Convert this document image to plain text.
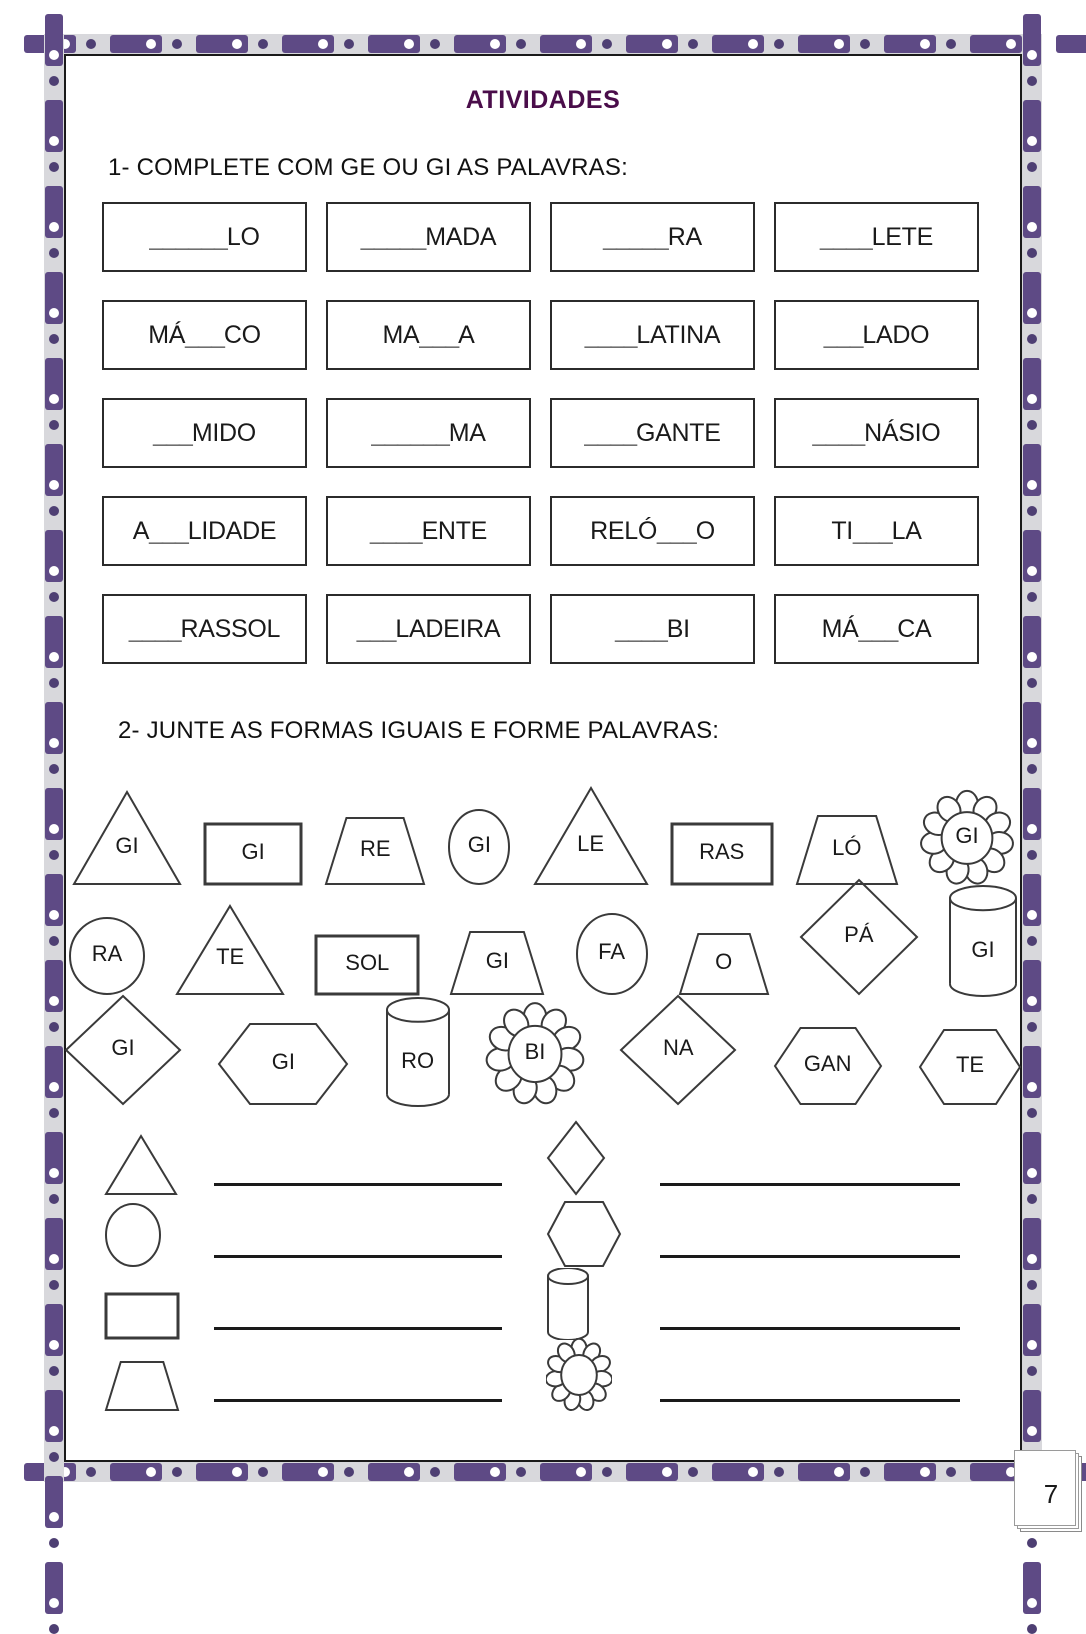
ATIVIDADES
1- COMPLETE COM GE OU GI AS PALAVRAS:
______LO	_____MADA	_____RA	____LETE
MÁ___CO	MA___A	____LATINA	___LADO
___MIDO	______MA	____GANTE	____NÁSIO
A___LIDADE	____ENTE	RELÓ___O	TI___LA
____RASSOL	___LADEIRA	____BI	MÁ___CA
2- JUNTE AS FORMAS IGUAIS E FORME PALAVRAS:
GI	GI	RE	GI	LE	RAS	LÓ	GI
RA	TE	SOL	GI	FA	O
PÁ
GI
GI
GI	RO	BI	NA
GAN	TE
7
